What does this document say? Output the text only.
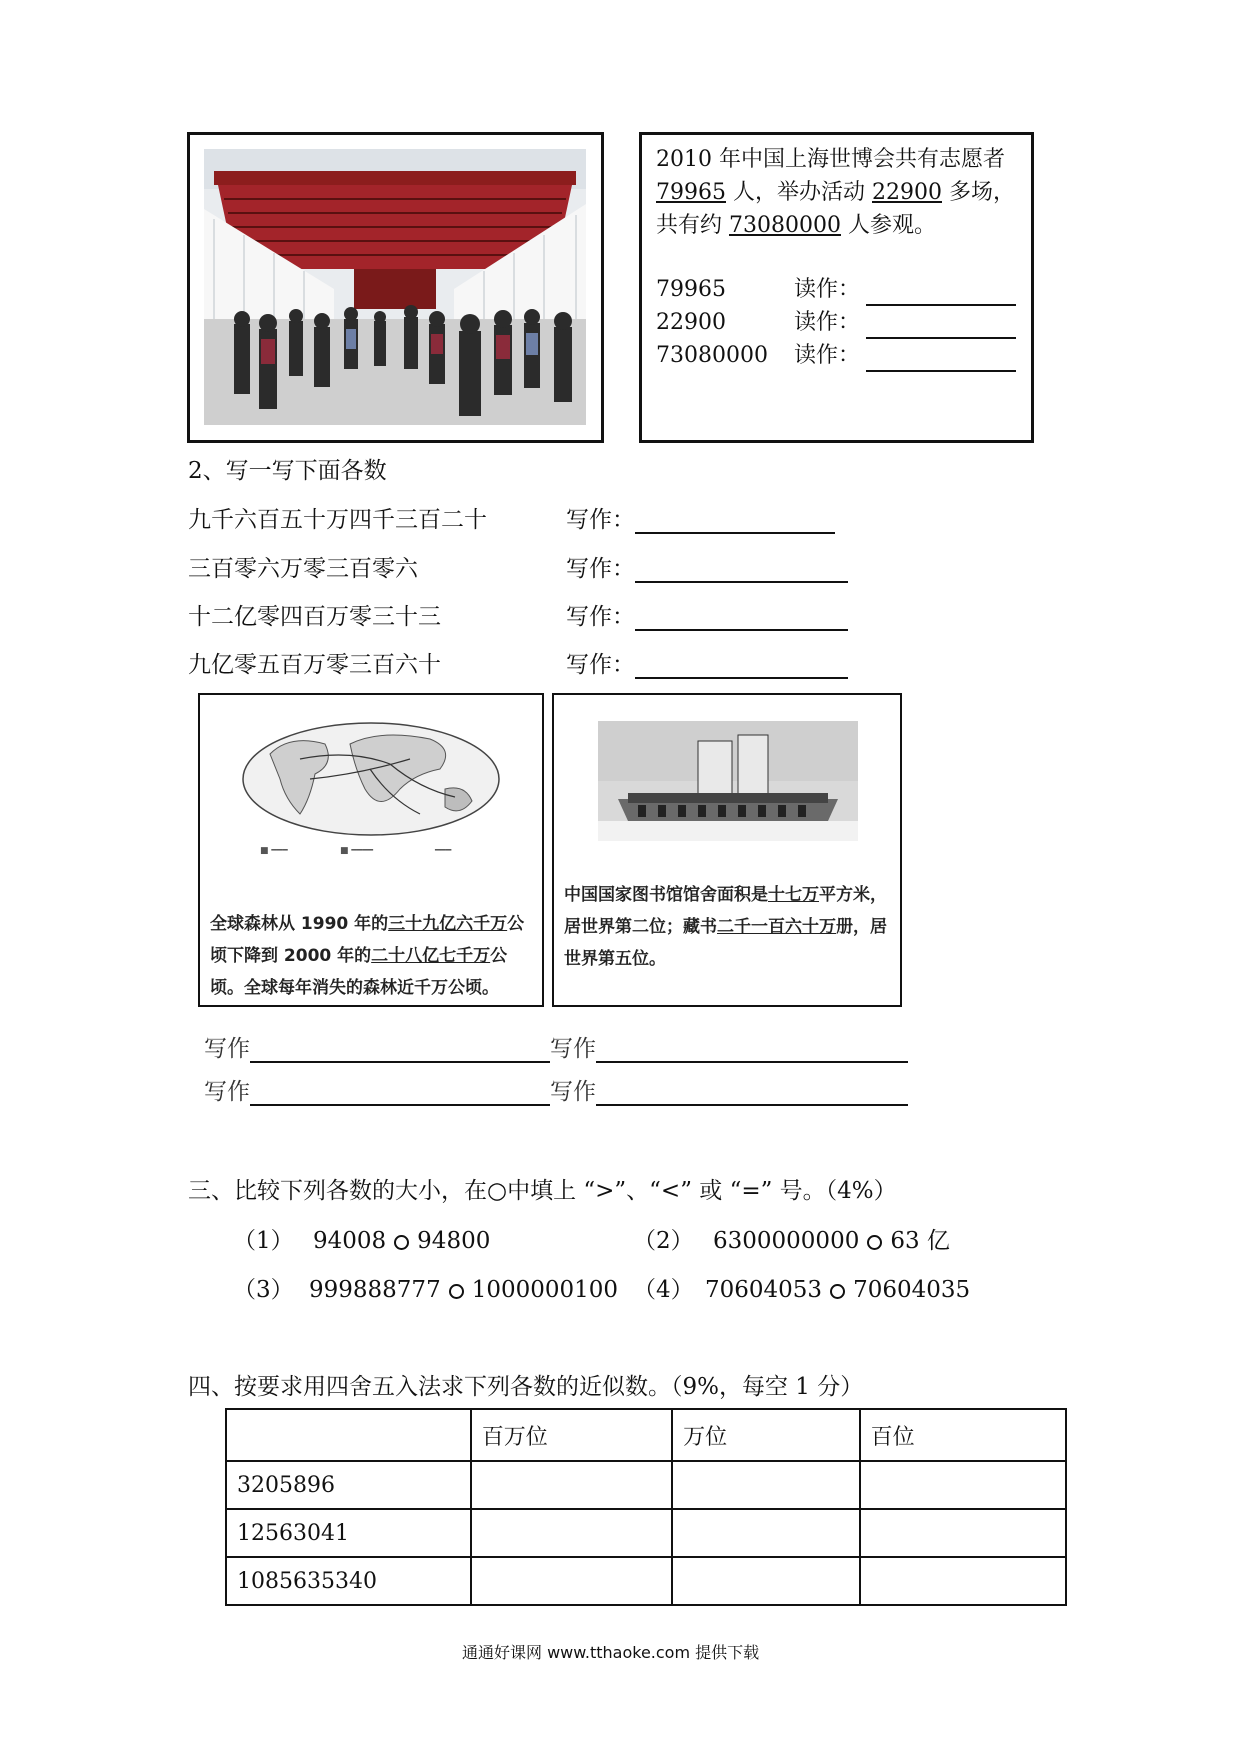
2010 年中国上海世博会共有志愿者 79965 人，举办活动 22900 多场，共有约 73080000 人参观。
79965	读作：
22900	读作：
73080000 读作：
2、写一写下面各数
九千六百五十万四千三百二十	写作：
三百零六万零三百零六	写作：
十二亿零四百万零三十三	写作：
九亿零五百万零三百六十	写作：
■ ━━━	■ ━━━━	━━━
全球森林从 1990 年的三十九亿六千万公顷下降到 2000 年的二十八亿七千万公顷。全球每年消失的森林近千万公顷。
中国国家图书馆馆舍面积是十七万平方米，居世界第二位；藏书二千一百六十万册，居世界第五位。
写作	写作
写作	写作
三、比较下列各数的大小，在○中填上 “>”、“<” 或 “=” 号。（4%）
（1） 94008 94800	（2） 6300000000 63 亿
（3） 999888777 1000000100 （4） 70604053 70604035
四、按要求用四舍五入法求下列各数的近似数。（9%，每空 1 分）
	百万位	万位	百位
3205896			
12563041			
1085635340			
通通好课网 www.tthaoke.com 提供下载
